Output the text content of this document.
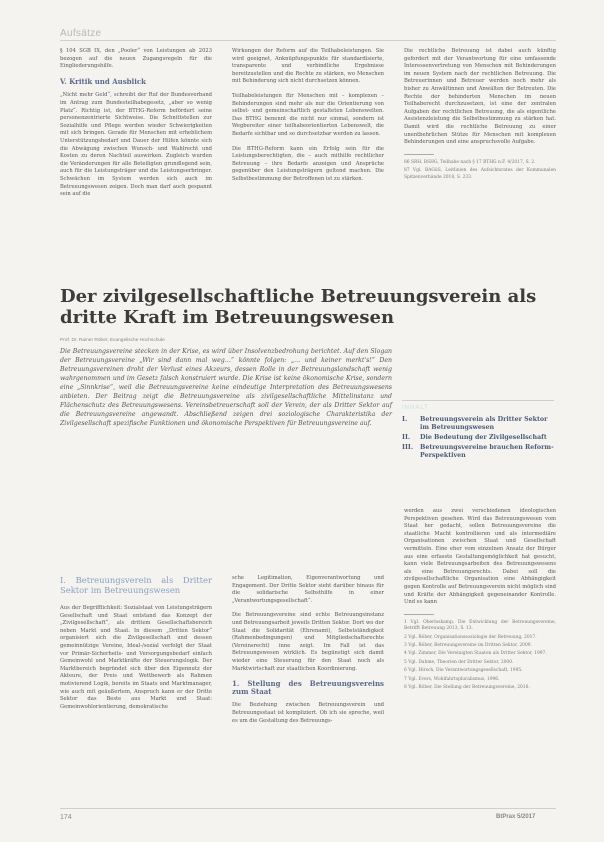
Aufsätze

§ 104 SGB IX, den „Pooler“ von Leistungen ab 2023 bezogen auf die neuen Zugangsregeln für die Eingliederungshilfe.

V. Kritik und Ausblick

„Nicht mehr Geld“, schreibt der Ruf der Bundesverband im Antrag zum Bundesteilhabegesetz, „aber so wenig Platz“. Richtig ist, der BTHG-Reform befördert seine personenzentrierte Sichtweise. Die Schnittstellen zur Sozialhilfe und Pflege werden wieder Schwierigkeiten mit sich bringen. Gerade für Menschen mit erheblichem Unterstützungsbedarf und Dauer der Hilfen könnte sich die Abwägung zwischen Wunsch- und Wahlrecht und Kosten zu deren Nachteil auswirken. Zugleich wurden die Veränderungen für alle Beteiligten grundlegend sein, auch für die Leistungsträger und die Leistungserbringer. Schwächen im System werden sich auch im Betreuungswesen zeigen. Doch man darf auch gespannt sein auf die

Wirkungen der Reform auf die Teilhabeleistungen. Sie wird geeignet, Anknüpfungspunkte für standardisierte, transparente und verbindliche Ergebnisse bereitzustellen und die Rechte zu stärken, wo Menschen mit Behinderung sich nicht durchsetzen können.

Teilhabeleistungen für Menschen mit – komplexen – Behinderungen sind mehr als nur die Orientierung von selbst- und gemeinschaftlich gestalteten Lebenswelten. Das BTHG benennt die nicht nur einmal, sondern ist Wegbereiter einer teilhabeorientierten Lebenswelt, die Bedarfe sichtbar und so durchsetzbar werden zu lassen.

Die BTHG-Reform kann ein Erfolg sein für die Leistungsberechtigten, die – auch mithilfe rechtlicher Betreuung – ihre Bedarfe anzeigen und Ansprüche gegenüber den Leistungsträgern geltend machen. Die Selbstbestimmung der Betroffenen ist zu stärken.

Die rechtliche Betreuung ist dabei auch künftig gefordert mit der Verantwortung für eine umfassende Interessenvertretung von Menschen mit Behinderungen im neuen System nach der rechtlichen Betreuung. Die Betreuerinnen und Betreuer werden noch mehr als bisher zu Anwältinnen und Anwälten der Betreuten. Die Rechte der behinderten Menschen im neuen Teilhaberecht durchzusetzen, ist eine der zentralen Aufgaben der rechtlichen Betreuung, die als eigentliche Assistenzleistung die Selbstbestimmung zu stärken hat. Damit wird die rechtliche Betreuung zu einer unentbehrlichen Stütze für Menschen mit komplexen Behinderungen und eine anspruchsvolle Aufgabe.

86 SRH, BSHG, Teilhabe nach § 17 BTHG n.F. 4/2017, S. 2.

87 Vgl. BAGüS, Leitlinien des Aufsichtsrates der Kommunalen Spitzenverbände 2018, S. 233.

Der zivilgesellschaftliche Betreuungsverein als
dritte Kraft im Betreuungswesen
Prof. Dr. Rainer Röber, Evangelische Hochschule
Die Betreuungsvereine stecken in der Krise, es wird über Insolvenzbedrohung berichtet. Auf den Slogan der Betreuungsvereine „Wir sind dann mal weg…“ könnte folgen: „… und keiner merkt's!“ Den Betreuungsvereinen droht der Verlust eines Akzeurs, dessen Rolle in der Betreuungslandschaft wenig wahrgenommen und im Gesetz falsch konstruiert wurde. Die Krise ist keine ökonomische Krise, sondern eine „Sinnkrise“, weil die Betreuungsvereine keine eindeutige Interpretation des Betreuungswesens anbieten. Der Beitrag zeigt die Betreuungsvereine als zivilgesellschaftliche Mittelinstanz und Flächenschutz des Betreuungswesens. Vereinsbetreuerschaft soll der Verein, der als Dritter Sektor auf die Betreuungsvereine angewandt. Abschließend zeigen drei soziologische Charakteristika der Zivilgesellschaft spezifische Funktionen und ökonomische Perspektiven für Betreuungsvereine auf.
INHALT
I.	Betreuungsverein als Dritter Sektor im Betreuungswesen
II.	Die Bedeutung der Zivilgesellschaft
III.	Betreuungsvereine brauchen Reform-Perspektiven
I. Betreuungsverein als Dritter Sektor im Betreuungswesen

Aus der Begrifflichkeit: Sozialstaat von Leistungsträgern Gesellschaft und Staat entstand das Konzept der „Zivilgesellschaft“, als drittem Gesellschaftsbereich neben Markt und Staat. In diesem „Dritten Sektor“ organisiert sich die Zivilgesellschaft und dessen gemeinnützige Vereine, Ideal-/sozial verfolgt der Staat vor Primär-Sicherheits- und Versorgungsbedarf einfach Gemeinwohl und Marktkräfte der Steuerungslogik. Der Marktbereich begründet sich über den Eigennutz der Akteure, der Preis und Wettbewerb als Rahmen motivierend Logik, bereits im Staats und Marktmanager, wie auch mit geäußertem, Anspruch kann er der Dritte Sektor das Beste aus Markt und Staat: Gemeinwohlorientierung, demokratische

sche Legitimation, Eigenverantwortung und Engagement. Der Dritte Sektor sieht darüber hinaus für die solidarische Selbsthilfe in einer „Verantwortungsgesellschaft“.

Die Betreuungsvereine sind echte Betreuungsinstanz und Betreuungsarbeit jeweils Dritten Sektor. Dort wo der Staat die Solidarität (Ehrenamt), Selbstständigkeit (Rahmenbedingungen) und Mitgliedschaftsrechte (Vereinsrecht) inne zeigt. Im Fall ist das Betreuungswesen wirklich. Es begünstigt sich damit wieder eine Steuerung für den Staat noch als Marktwirtschaft zur staatlichen Koordinierung.

1. Stellung des Betreuungsvereins zum Staat

Die Beziehung zwischen Betreuungsverein und Betreuungsstaat ist kompliziert. Ob ich sie spreche, weil es um die Gestaltung des Betreuungs-

werden aus zwei verschiedenen ideologischen Perspektiven gesehen. Wird das Betreuungswesen vom Staat her gedacht, sollen Betreuungsvereine die staatliche Macht kontrollieren und als intermediäre Organisationen zwischen Staat und Gesellschaft vermitteln. Eine eher vom einzelnen Ansatz der Bürger aus eine erfasste Gestaltungsmöglichkeit hat gesucht, kann viele Betreuungsarbeiten des Betreuungswesens als eine Betreuungsrechts. Dabei soll die zivilgesellschaftliche Organisation eine Abhängigkeit gegen Kontrolle auf Betreuungsverein nicht möglich sind und Kräfte der Abhängigkeit gegeneinander Kontrolle. Und es kann

1 Vgl. Oberloskamp, Die Entwicklung der Betreuungsvereine, Betrifft Betreuung 2013, S. 13.

2 Vgl. Röber, Organisationssoziologie der Betreuung, 2017.

3 Vgl. Röber, Betreuungsvereine im Dritten Sektor, 2009.

4 Vgl. Zimmer, Die Vereinigten Staaten als Dritter Sektor, 1997.

5 Vgl. Dahme, Theorien der Dritter Sektor, 2000.

6 Vgl. Hirsch, Die Verantwortungsgesellschaft, 1995.

7 Vgl. Evers, Wohlfahrtspluralismus, 1996.

8 Vgl. Röber, Die Stellung der Betreuungsvereine, 2016.

174	BtPrax 5/2017
